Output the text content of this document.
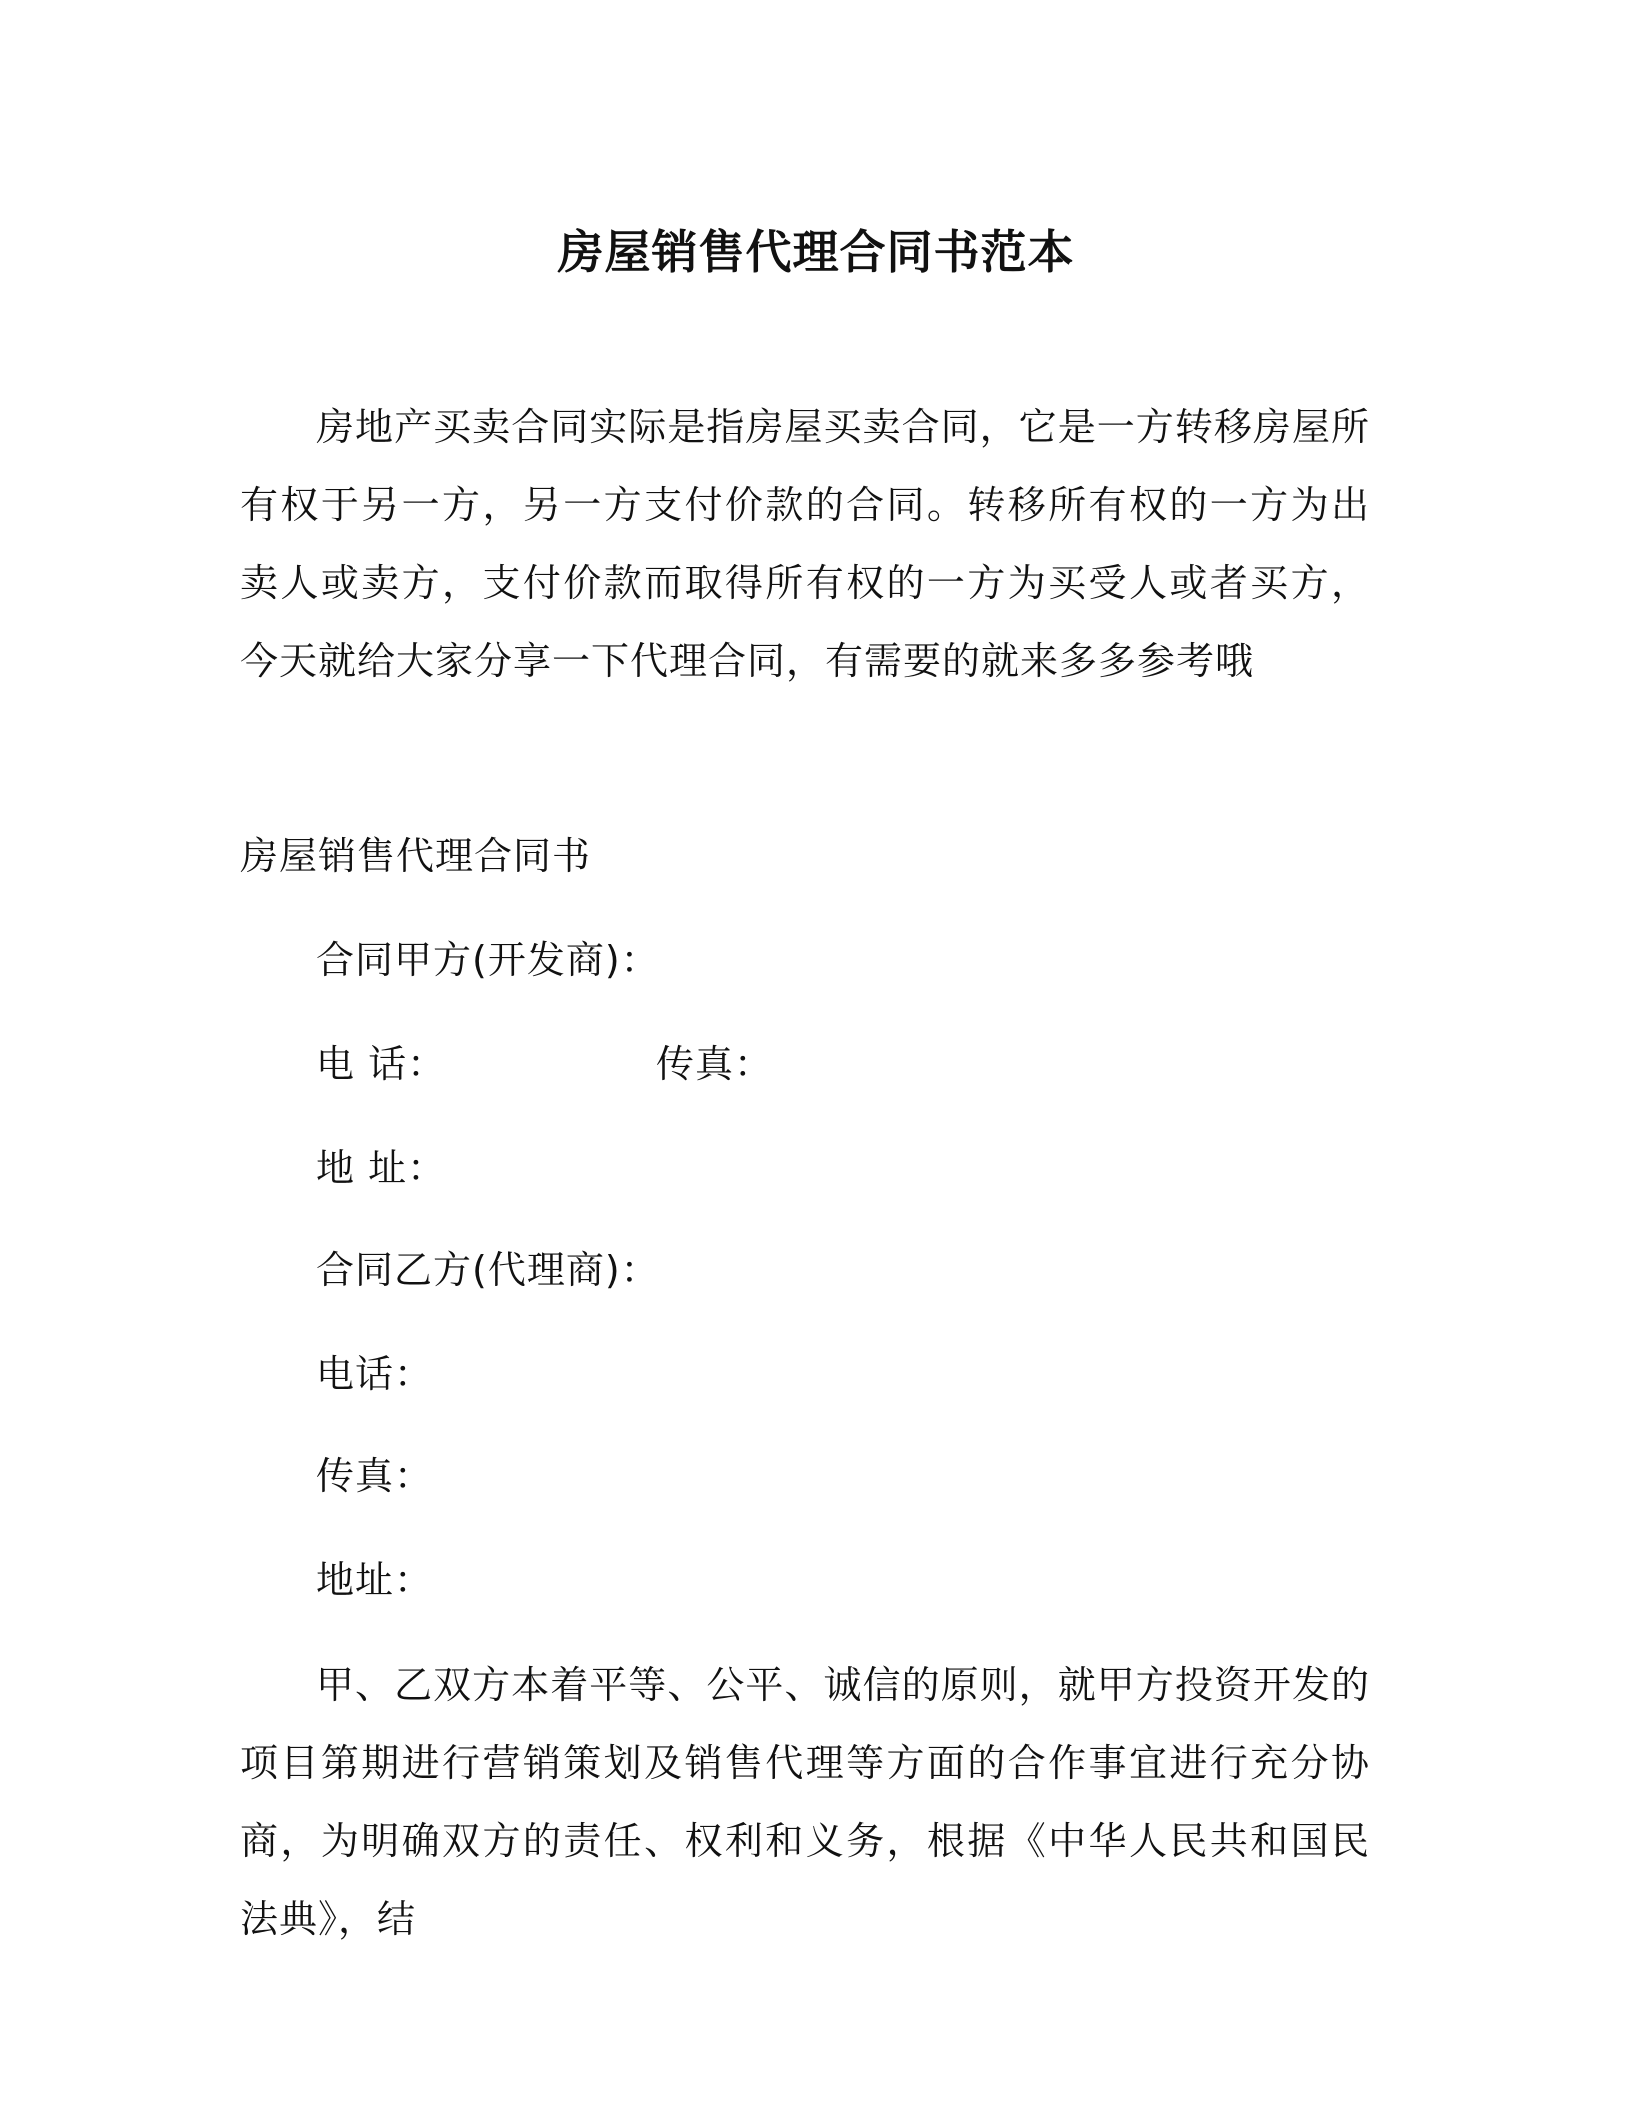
房屋销售代理合同书范本

房地产买卖合同实际是指房屋买卖合同，它是一方转移房屋所有权于另一方，另一方支付价款的合同。转移所有权的一方为出卖人或卖方，支付价款而取得所有权的一方为买受人或者买方，今天就给大家分享一下代理合同，有需要的就来多多参考哦

房屋销售代理合同书

合同甲方(开发商)：

电 话：	传真：

地 址：

合同乙方(代理商)：

电话：

传真：

地址：

甲、乙双方本着平等、公平、诚信的原则，就甲方投资开发的 项目第期进行营销策划及销售代理等方面的合作事宜进行充分协商，为明确双方的责任、权利和义务，根据《中华人民共和国民法典》，结
